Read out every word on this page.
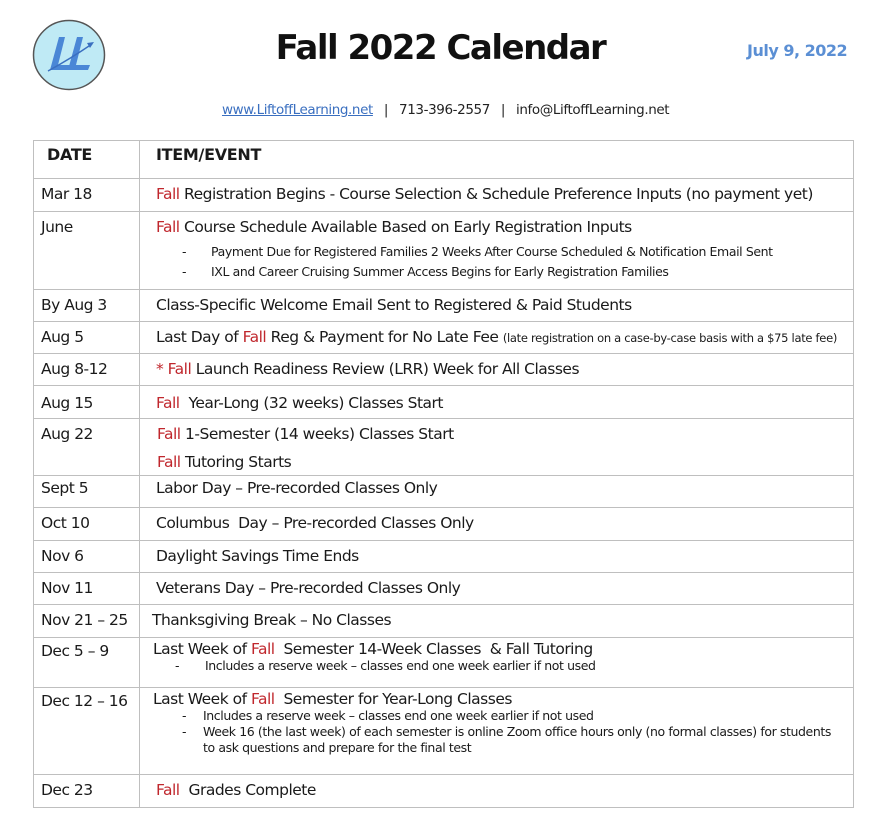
Fall 2022 Calendar	July 9, 2022
www.LiftoffLearning.net | 713-396-2557 | info@LiftoffLearning.net
DATE	ITEM/EVENT
Mar 18	Fall Registration Begins - Course Selection & Schedule Preference Inputs (no payment yet)
June	Fall Course Schedule Available Based on Early Registration Inputs
- Payment Due for Registered Families 2 Weeks After Course Scheduled & Notification Email Sent
- IXL and Career Cruising Summer Access Begins for Early Registration Families

By Aug 3	Class-Specific Welcome Email Sent to Registered & Paid Students
Aug 5	Last Day of Fall Reg & Payment for No Late Fee (late registration on a case-by-case basis with a $75 late fee)
Aug 8-12	* Fall Launch Readiness Review (LRR) Week for All Classes
Aug 15	Fall  Year-Long (32 weeks) Classes Start
Aug 22	Fall 1-Semester (14 weeks) Classes Start
Fall Tutoring Starts

Sept 5	Labor Day – Pre-recorded Classes Only
Oct 10	Columbus  Day – Pre-recorded Classes Only
Nov 6	Daylight Savings Time Ends
Nov 11	Veterans Day – Pre-recorded Classes Only
Nov 21 – 25	Thanksgiving Break – No Classes
Dec 5 – 9	Last Week of Fall  Semester 14-Week Classes  & Fall Tutoring
- Includes a reserve week – classes end one week earlier if not used

Dec 12 – 16	Last Week of Fall  Semester for Year-Long Classes
- Includes a reserve week – classes end one week earlier if not used
- Week 16 (the last week) of each semester is online Zoom office hours only (no formal classes) for students to ask questions and prepare for the final test

Dec 23	Fall  Grades Complete
